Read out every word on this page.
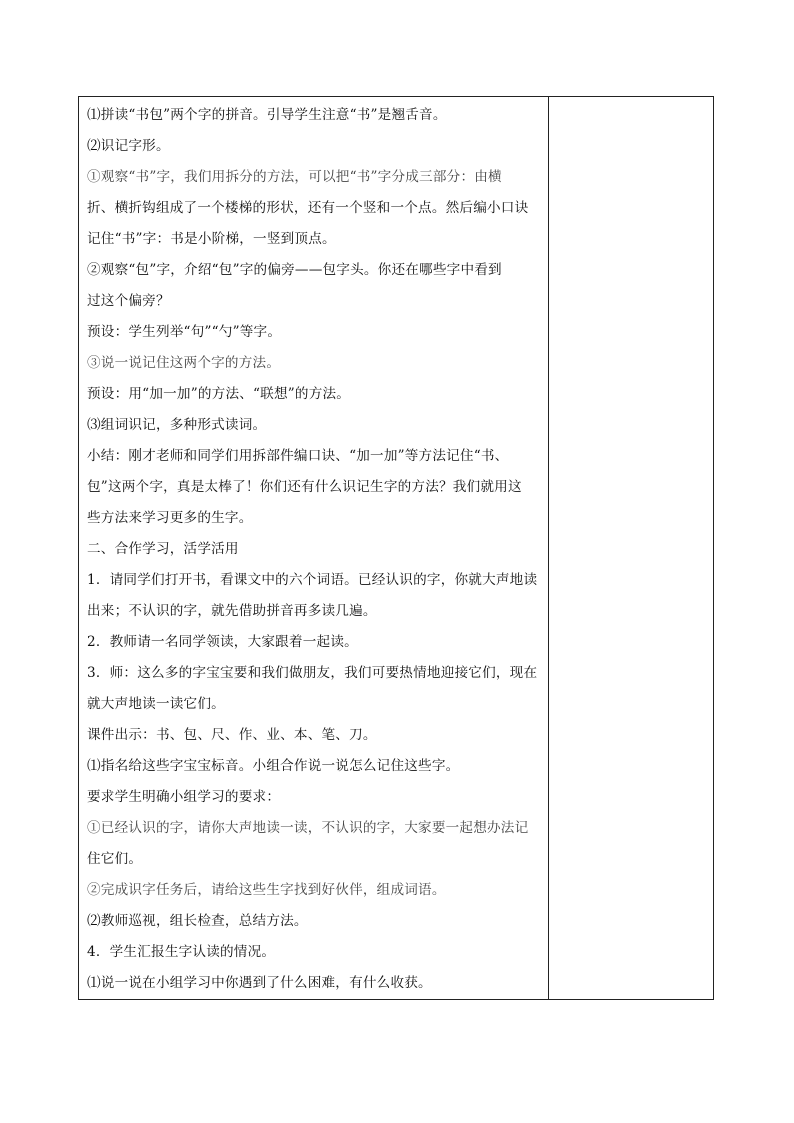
⑴拼读“书包”两个字的拼音。引导学生注意“书”是翘舌音。
⑵识记字形。
①观察“书”字，我们用拆分的方法，可以把“书”字分成三部分：由横
折、横折钩组成了一个楼梯的形状，还有一个竖和一个点。然后编小口诀
记住“书”字：书是小阶梯，一竖到顶点。
②观察“包”字，介绍“包”字的偏旁——包字头。你还在哪些字中看到
过这个偏旁？
预设：学生列举“句”“勺”等字。
③说一说记住这两个字的方法。
预设：用“加一加”的方法、“联想”的方法。
⑶组词识记，多种形式读词。
小结：刚才老师和同学们用拆部件编口诀、“加一加”等方法记住“书、
包”这两个字，真是太棒了！你们还有什么识记生字的方法？我们就用这
些方法来学习更多的生字。
二、合作学习，活学活用
1．请同学们打开书，看课文中的六个词语。已经认识的字，你就大声地读
出来；不认识的字，就先借助拼音再多读几遍。
2．教师请一名同学领读，大家跟着一起读。
3．师：这么多的字宝宝要和我们做朋友，我们可要热情地迎接它们，现在
就大声地读一读它们。
课件出示：书、包、尺、作、业、本、笔、刀。
⑴指名给这些字宝宝标音。小组合作说一说怎么记住这些字。
要求学生明确小组学习的要求：
①已经认识的字，请你大声地读一读，不认识的字，大家要一起想办法记
住它们。
②完成识字任务后，请给这些生字找到好伙伴，组成词语。
⑵教师巡视，组长检查，总结方法。
4．学生汇报生字认读的情况。
⑴说一说在小组学习中你遇到了什么困难，有什么收获。
